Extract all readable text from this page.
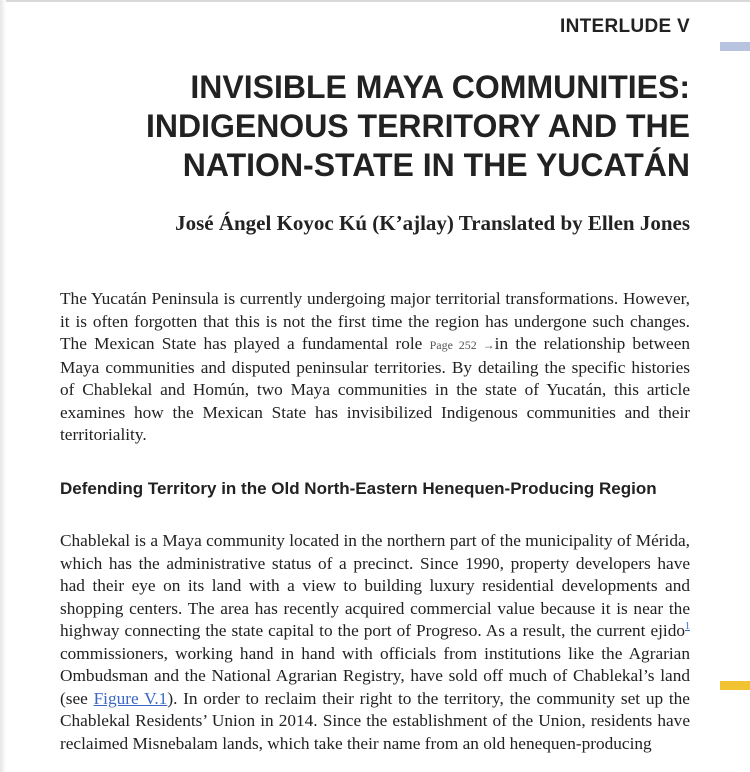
INTERLUDE V
INVISIBLE MAYA COMMUNITIES:
INDIGENOUS TERRITORY AND THE
NATION-STATE IN THE YUCATÁN
José Ángel Koyoc Kú (K’ajlay) Translated by Ellen Jones

The Yucatán Peninsula is currently undergoing major territorial transformations. However, it is often forgotten that this is not the first time the region has undergone such changes. The Mexican State has played a fundamental role Page 252 →in the relationship between Maya communities and disputed peninsular territories. By detailing the specific histories of Chablekal and Homún, two Maya communities in the state of Yucatán, this article examines how the Mexican State has invisibilized Indigenous communities and their territoriality.

Defending Territory in the Old North-Eastern Henequen-Producing Region

Chablekal is a Maya community located in the northern part of the municipality of Mérida, which has the administrative status of a precinct. Since 1990, property developers have had their eye on its land with a view to building luxury residential developments and shopping centers. The area has recently acquired commercial value because it is near the highway connecting the state capital to the port of Progreso. As a result, the current ejido$^1$ commissioners, working hand in hand with officials from institutions like the Agrarian Ombudsman and the National Agrarian Registry, have sold off much of Chablekal’s land (see Figure V.1). In order to reclaim their right to the territory, the community set up the Chablekal Residents’ Union in 2014. Since the establishment of the Union, residents have reclaimed Misnebalam lands, which take their name from an old henequen-producing
